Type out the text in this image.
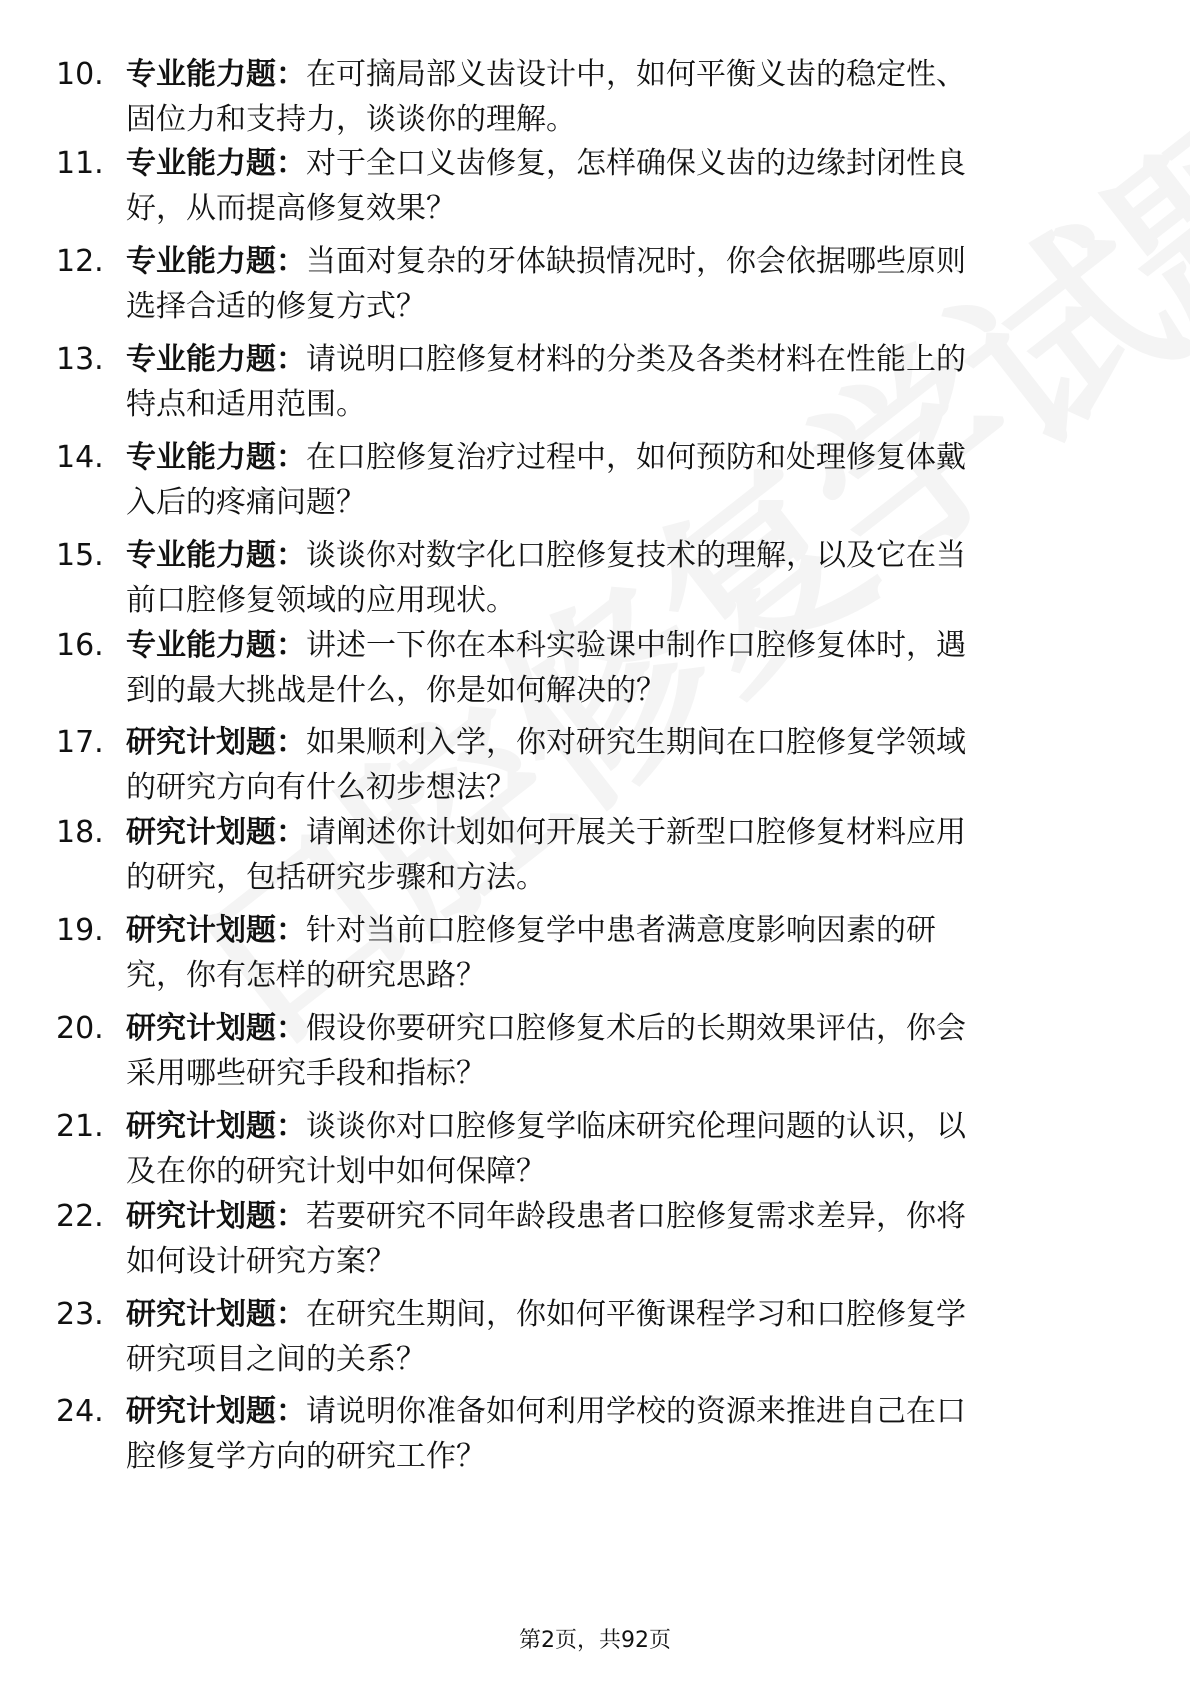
10. 专业能力题：在可摘局部义齿设计中，如何平衡义齿的稳定性、
固位力和支持力，谈谈你的理解。
11. 专业能力题：对于全口义齿修复，怎样确保义齿的边缘封闭性良
好，从而提高修复效果？
12. 专业能力题：当面对复杂的牙体缺损情况时，你会依据哪些原则
选择合适的修复方式？
13. 专业能力题：请说明口腔修复材料的分类及各类材料在性能上的
特点和适用范围。
14. 专业能力题：在口腔修复治疗过程中，如何预防和处理修复体戴
入后的疼痛问题？
15. 专业能力题：谈谈你对数字化口腔修复技术的理解，以及它在当
前口腔修复领域的应用现状。
16. 专业能力题：讲述一下你在本科实验课中制作口腔修复体时，遇
到的最大挑战是什么，你是如何解决的？
17. 研究计划题：如果顺利入学，你对研究生期间在口腔修复学领域
的研究方向有什么初步想法？
18. 研究计划题：请阐述你计划如何开展关于新型口腔修复材料应用
的研究，包括研究步骤和方法。
19. 研究计划题：针对当前口腔修复学中患者满意度影响因素的研
究，你有怎样的研究思路？
20. 研究计划题：假设你要研究口腔修复术后的长期效果评估，你会
采用哪些研究手段和指标？
21. 研究计划题：谈谈你对口腔修复学临床研究伦理问题的认识，以
及在你的研究计划中如何保障？
22. 研究计划题：若要研究不同年龄段患者口腔修复需求差异，你将
如何设计研究方案？
23. 研究计划题：在研究生期间，你如何平衡课程学习和口腔修复学
研究项目之间的关系？
24. 研究计划题：请说明你准备如何利用学校的资源来推进自己在口
腔修复学方向的研究工作？
第2页，共92页
